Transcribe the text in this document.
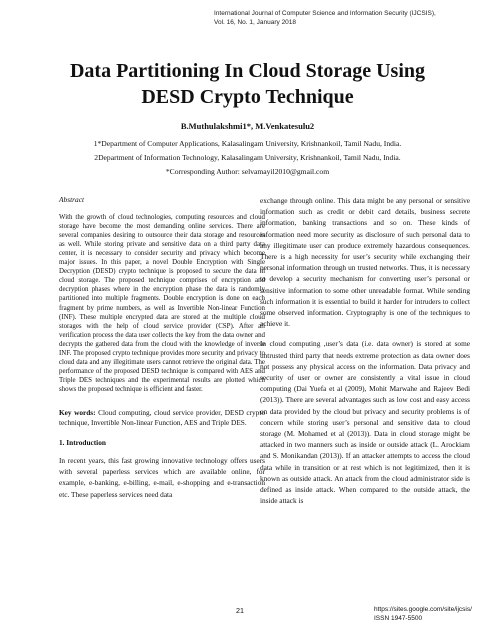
International Journal of Computer Science and Information Security (IJCSIS),
Vol. 16, No. 1, January 2018
Data Partitioning In Cloud Storage Using
DESD Crypto Technique
B.Muthulakshmi1*, M.Venkatesulu2
1*Department of Computer Applications, Kalasalingam University, Krishnankoil, Tamil Nadu, India.
2Department of Information Technology, Kalasalingam University, Krishnankoil, Tamil Nadu, India.
*Corresponding Author: selvamayil2010@gmail.com
Abstract

With the growth of cloud technologies, computing resources and cloud storage have become the most demanding online services. There are several companies desiring to outsource their data storage and resources as well. While storing private and sensitive data on a third party data center, it is necessary to consider security and privacy which become major issues. In this paper, a novel Double Encryption with Single Decryption (DESD) crypto technique is proposed to secure the data in cloud storage. The proposed technique comprises of encryption and decryption phases where in the encryption phase the data is randomly partitioned into multiple fragments. Double encryption is done on each fragment by prime numbers, as well as Invertible Non-linear Function (INF). These multiple encrypted data are stored at the multiple cloud storages with the help of cloud service provider (CSP). After all verification process the data user collects the key from the data owner and decrypts the gathered data from the cloud with the knowledge of inverse INF. The proposed crypto technique provides more security and privacy to cloud data and any illegitimate users cannot retrieve the original data. The performance of the proposed DESD technique is compared with AES and Triple DES techniques and the experimental results are plotted which shows the proposed technique is efficient and faster.

Key words: Cloud computing, cloud service provider, DESD crypto technique, Invertible Non-linear Function, AES and Triple DES.
1. Introduction

In recent years, this fast growing innovative technology offers users with several paperless services which are available online, for example, e-banking, e-billing, e-mail, e-shopping and e-transaction etc. These paperless services need data

exchange through online. This data might be any personal or sensitive information such as credit or debit card details, business secrete information, banking transactions and so on. These kinds of information need more security as disclosure of such personal data to any illegitimate user can produce extremely hazardous consequences. There is a high necessity for user’s security while exchanging their personal information through un trusted networks. Thus, it is necessary to develop a security mechanism for converting user’s personal or sensitive information to some other unreadable format. While sending such information it is essential to build it harder for intruders to collect some observed information. Cryptography is one of the techniques to achieve it.

In cloud computing ,user’s data (i.e. data owner) is stored at some untrusted third party that needs extreme protection as data owner does not possess any physical access on the information. Data privacy and security of user or owner are consistently a vital issue in cloud computing (Dai Yuefa et al (2009), Mohit Marwahe and Rajeev Bedi (2013)). There are several advantages such as low cost and easy access on data provided by the cloud but privacy and security problems is of concern while storing user’s personal and sensitive data to cloud storage (M. Mohamed et al (2013)). Data in cloud storage might be attacked in two manners such as inside or outside attack (L. Arockiam and S. Monikandan (2013)). If an attacker attempts to access the cloud data while in transition or at rest which is not legitimized, then it is known as outside attack. An attack from the cloud administrator side is defined as inside attack. When compared to the outside attack, the inside attack is

21	https://sites.google.com/site/ijcsis/
ISSN 1947-5500
